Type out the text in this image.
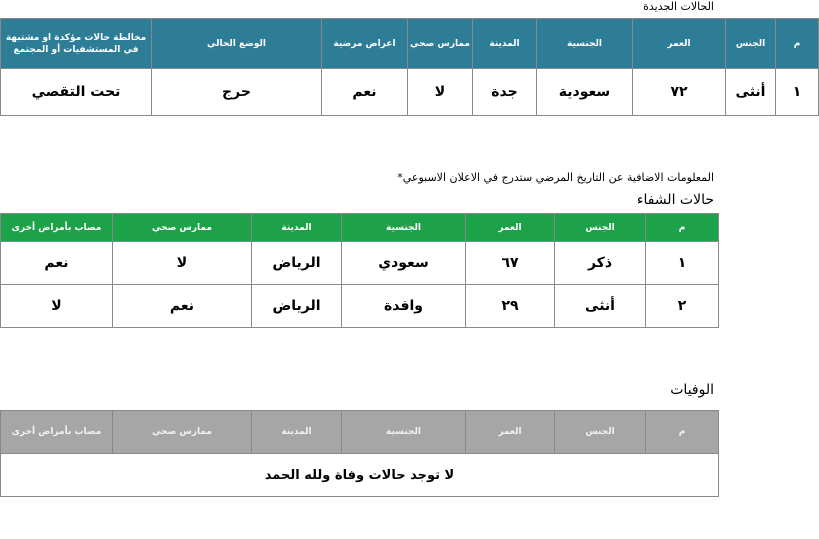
الحالات الجديدة
م	الجنس	العمر	الجنسية	المدينة	ممارس صحي	اعراض مرضية	الوضع الحالي	مخالطة حالات مؤكدة او مشتبهة في المستشفيات أو المجتمع
١	أنثى	٧٢	سعودية	جدة	لا	نعم	حرج	تحت التقصي
المعلومات الاضافية عن التاريخ المرضي ستدرج في الاعلان الاسبوعي*
حالات الشفاء
م	الجنس	العمر	الجنسية	المدينة	ممارس صحي	مصاب بأمراض أخرى
١	ذكر	٦٧	سعودي	الرياض	لا	نعم
٢	أنثى	٢٩	وافدة	الرياض	نعم	لا
الوفيات
م	الجنس	العمر	الجنسية	المدينة	ممارس صحي	مصاب بأمراض أخرى
لا توجد حالات وفاة ولله الحمد
